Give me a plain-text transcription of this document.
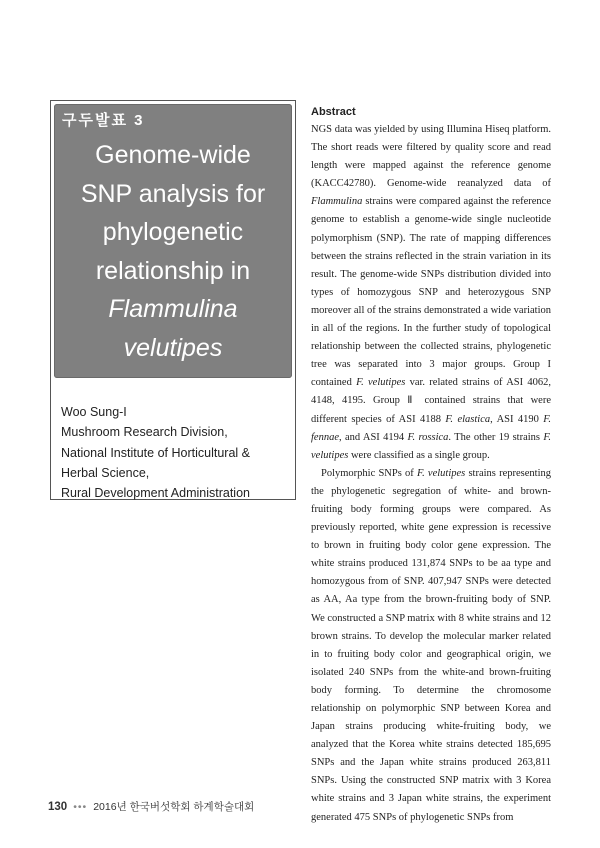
구두발표 3
Genome-wide
SNP analysis for
phylogenetic
relationship in
Flammulina
velutipes
Woo Sung-I
Mushroom Research Division,
National Institute of Horticultural &
Herbal Science,
Rural Development Administration
Abstract

NGS data was yielded by using Illumina Hiseq platform. The short reads were filtered by quality score and read length were mapped against the reference genome (KACC42780). Genome-wide reanalyzed data of Flammulina strains were compared against the reference genome to establish a genome-wide single nucleotide polymorphism (SNP). The rate of mapping differences between the strains reflected in the strain variation in its result. The genome-wide SNPs distribution divided into types of homozygous SNP and heterozygous SNP moreover all of the strains demonstrated a wide variation in all of the regions. In the further study of topological relationship between the collected strains, phylogenetic tree was separated into 3 major groups. Group I contained F. velutipes var. related strains of ASI 4062, 4148, 4195. Group Ⅱ contained strains that were different species of ASI 4188 F. elastica, ASI 4190 F. fennae, and ASI 4194 F. rossica. The other 19 strains F. velutipes were classified as a single group.

Polymorphic SNPs of F. velutipes strains representing the phylogenetic segregation of white- and brown-fruiting body forming groups were compared. As previously reported, white gene expression is recessive to brown in fruiting body color gene expression. The white strains produced 131,874 SNPs to be aa type and homozygous from of SNP. 407,947 SNPs were detected as AA, Aa type from the brown-fruiting body of SNP. We constructed a SNP matrix with 8 white strains and 12 brown strains. To develop the molecular marker related in to fruiting body color and geographical origin, we isolated 240 SNPs from the white-and brown-fruiting body forming. To determine the chromosome relationship on polymorphic SNP between Korea and Japan strains producing white-fruiting body, we analyzed that the Korea white strains detected 185,695 SNPs and the Japan white strains produced 263,811 SNPs. Using the constructed SNP matrix with 3 Korea white strains and 3 Japan white strains, the experiment generated 475 SNPs of phylogenetic SNPs from

130 ••• 2016년 한국버섯학회 하계학술대회
